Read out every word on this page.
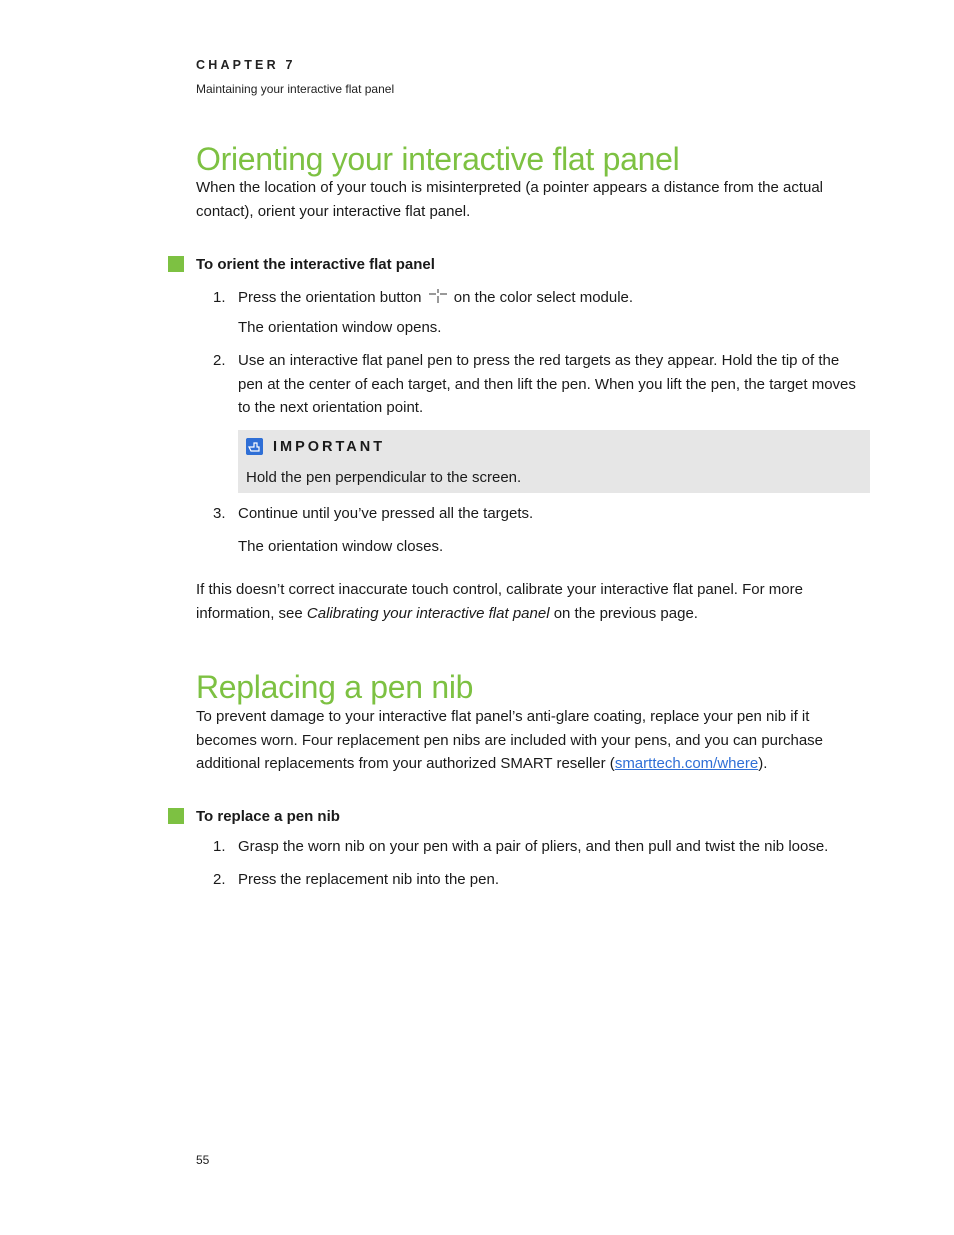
CHAPTER 7
Maintaining your interactive flat panel
Orienting your interactive flat panel

When the location of your touch is misinterpreted (a pointer appears a distance from the actual contact), orient your interactive flat panel.

To orient the interactive flat panel
1. Press the orientation button on the color select module.
The orientation window opens.
2. Use an interactive flat panel pen to press the red targets as they appear. Hold the tip of the pen at the center of each target, and then lift the pen. When you lift the pen, the target moves to the next orientation point.
IMPORTANT
Hold the pen perpendicular to the screen.
3. Continue until you’ve pressed all the targets.
The orientation window closes.

If this doesn’t correct inaccurate touch control, calibrate your interactive flat panel. For more information, see Calibrating your interactive flat panel on the previous page.

Replacing a pen nib

To prevent damage to your interactive flat panel’s anti-glare coating, replace your pen nib if it becomes worn. Four replacement pen nibs are included with your pens, and you can purchase additional replacements from your authorized SMART reseller (smarttech.com/where).

To replace a pen nib
1. Grasp the worn nib on your pen with a pair of pliers, and then pull and twist the nib loose.
2. Press the replacement nib into the pen.
55
